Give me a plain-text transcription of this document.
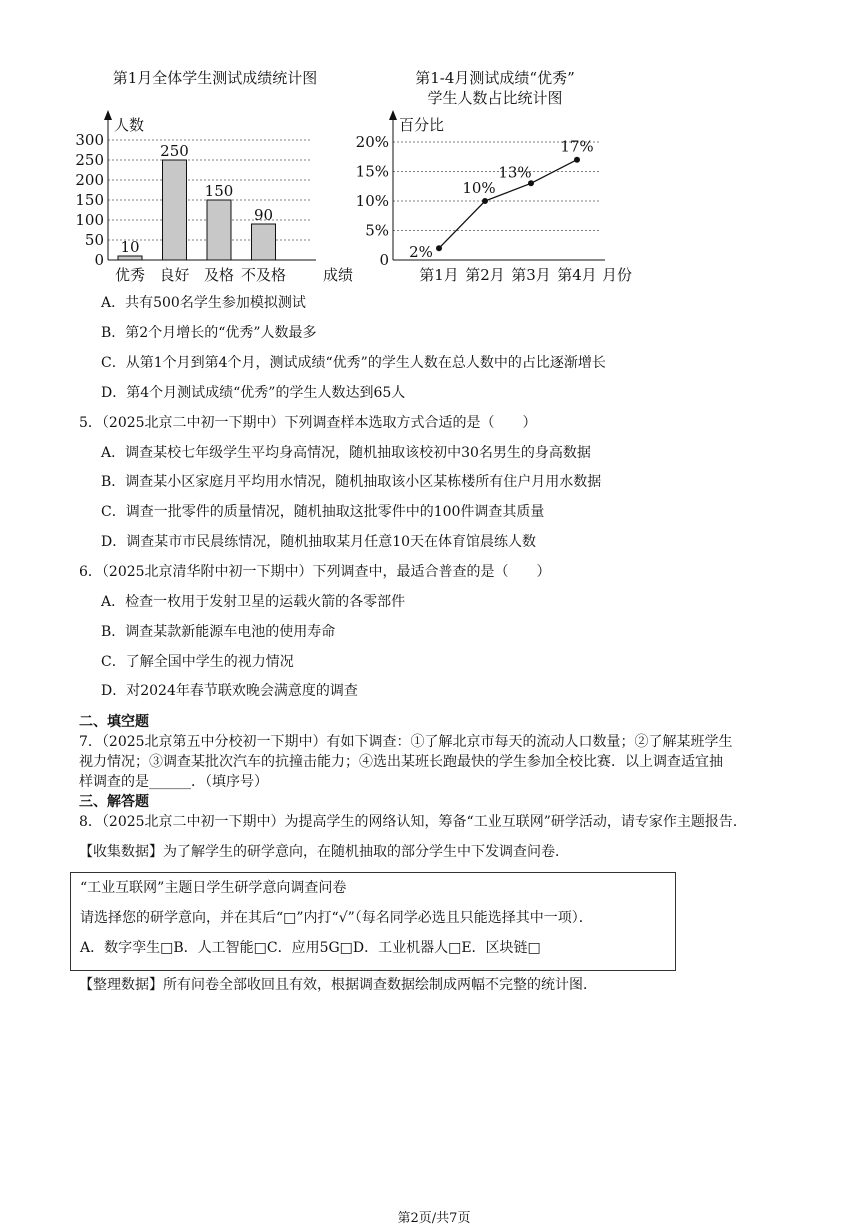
第1月全体学生测试成绩统计图
0
50
100
150
200
250
300
人数
10
优秀
250
良好
150
及格
90
不及格 成绩
第1-4月测试成绩“优秀”
学生人数占比统计图
0
5%
10%
15%
20%
百分比
2%
第1月
10%
第2月
13%
第3月
17%
第4月 月份
A．共有500名学生参加模拟测试
B．第2个月增长的“优秀”人数最多
C．从第1个月到第4个月，测试成绩“优秀”的学生人数在总人数中的占比逐渐增长
D．第4个月测试成绩“优秀”的学生人数达到65人
5．（2025北京二中初一下期中）下列调查样本选取方式合适的是（　　）
A．调查某校七年级学生平均身高情况，随机抽取该校初中30名男生的身高数据
B．调查某小区家庭月平均用水情况，随机抽取该小区某栋楼所有住户月用水数据
C．调查一批零件的质量情况，随机抽取这批零件中的100件调查其质量
D．调查某市市民晨练情况，随机抽取某月任意10天在体育馆晨练人数
6．（2025北京清华附中初一下期中）下列调查中，最适合普查的是（　　）
A．检查一枚用于发射卫星的运载火箭的各零部件
B．调查某款新能源车电池的使用寿命
C．了解全国中学生的视力情况
D．对2024年春节联欢晚会满意度的调查
二、填空题
7．（2025北京第五中分校初一下期中）有如下调查：①了解北京市每天的流动人口数量；②了解某班学生
视力情况；③调查某批次汽车的抗撞击能力；④选出某班长跑最快的学生参加全校比赛．以上调查适宜抽
样调查的是______．（填序号）
三、解答题
8．（2025北京二中初一下期中）为提高学生的网络认知，筹备“工业互联网”研学活动，请专家作主题报告．
【收集数据】为了解学生的研学意向，在随机抽取的部分学生中下发调查问卷．
“工业互联网”主题日学生研学意向调查问卷
请选择您的研学意向，并在其后“□”内打“√”（每名同学必选且只能选择其中一项）．
A．数字孪生□B．人工智能□C．应用5G□D．工业机器人□E．区块链□
【整理数据】所有问卷全部收回且有效，根据调查数据绘制成两幅不完整的统计图．
第2页/共7页
